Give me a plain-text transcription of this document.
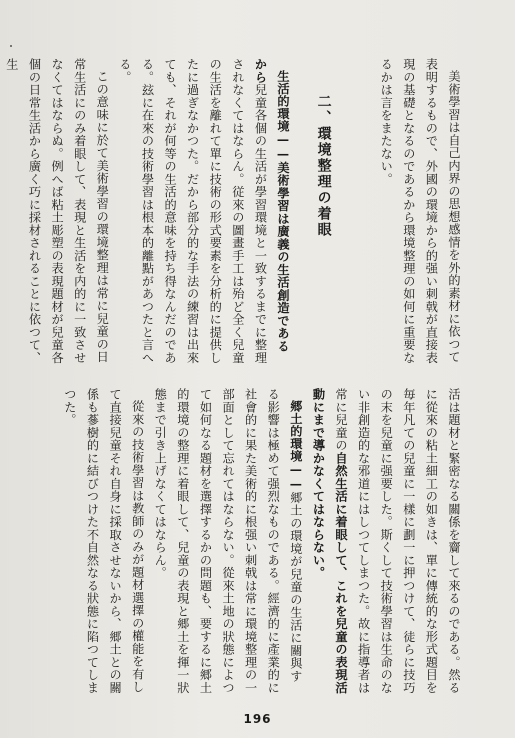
美術學習は自己内界の思想感情を外的素材に依つて表明するもので、外國の環境から的强い刺戟が直接表現の基礎となるのであるから環境整理の如何に重要なるかは言をまたない。

二、環境整理の着眼

生活的環境——美術學習は廣義の生活創造であるから兒童各個の生活が學習環境と一致するまでに整理されなくてはならん。従來の圖畫手工は殆ど全く兒童の生活を離れて單に技術の形式要素を分析的に提供したに過ぎなかつた。だから部分的な手法の練習は出來ても、それが何等の生活的意味を持ち得なんだのである。玆に在來の技術學習は根本的離點があつたと言へる。

この意味に於て美術學習の環境整理は常に兒童の日常生活にのみ着眼して、表現と生活を内的に一致させなくてはならぬ。例へば粘土彫塑の表現題材が兒童各個の日常生活から廣く巧に採材されることに依つて、生

活は題材と緊密なる關係を齎して來るのである。然るに從來の粘土細工の如きは、單に傳統的な形式題目を毎年凡ての兒童に一樣に劃一に押つけて、徒らに技巧の末を兒童に强要した。斯くして技術學習は生命のない非創造的な邪道にはしつてしまつた。故に指導者は常に兒童の自然生活に着眼して、これを兒童の表現活動にまで導かなくてはならない。

郷土的環境——郷土の環境が兒童の生活に關與する影響は極めて强烈なものである。經濟的に產業的に社會的に果た美術的に根强い刺戟は常に環境整理の一部面として忘れてはならない。從來土地の狀態によつて如何なる題材を選擇するかの問題も、要するに郷土的環境の整理に着眼して、兒童の表現と郷土を揮一狀態まで引き上げなくてはならん。

從來の技術學習は教師のみが題材選擇の權能を有して直接兒童それ自身に採取させないから、郷土との關係も蔘樹的に結びつけた不自然なる狀態に陷つてしまつた。

196
